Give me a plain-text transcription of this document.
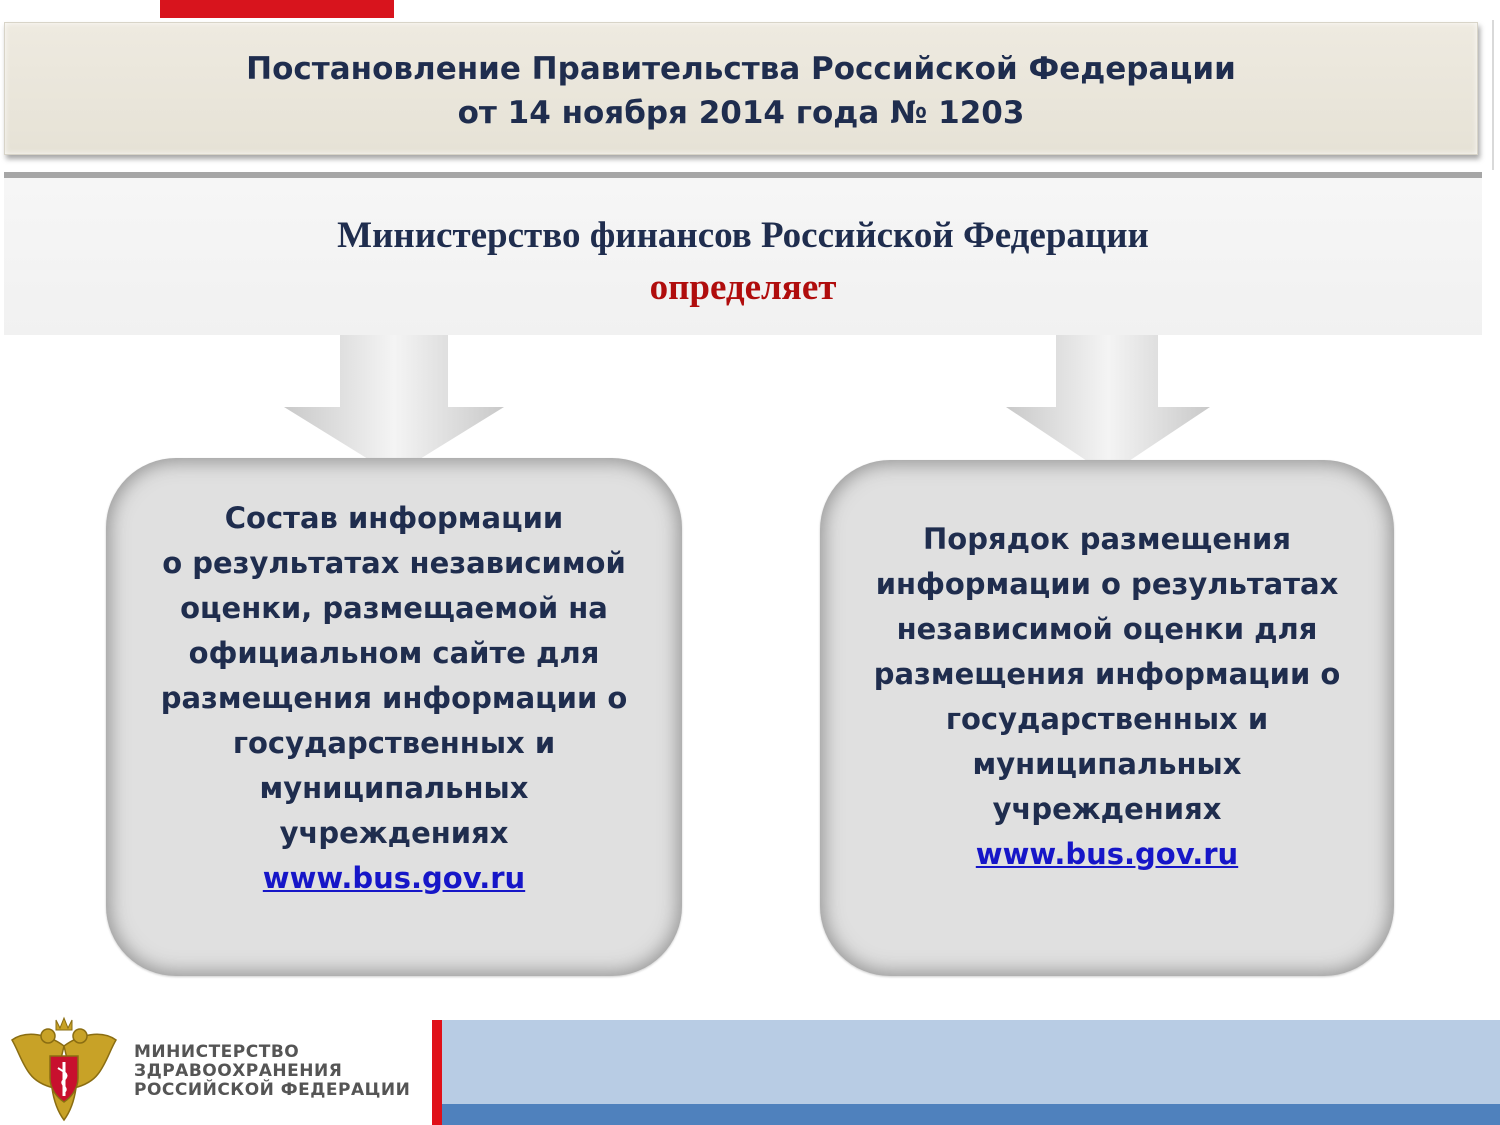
Постановление Правительства Российской Федерации
от 14 ноября 2014 года № 1203
Министерство финансов Российской Федерации
определяет
Состав информации
о результатах независимой
оценки, размещаемой на
официальном сайте для
размещения информации о
государственных и
муниципальных
учреждениях
www.bus.gov.ru
Порядок размещения
информации о результатах
независимой оценки для
размещения информации о
государственных и
муниципальных
учреждениях
www.bus.gov.ru
МИНИСТЕРСТВО
ЗДРАВООХРАНЕНИЯ
РОССИЙСКОЙ ФЕДЕРАЦИИ
